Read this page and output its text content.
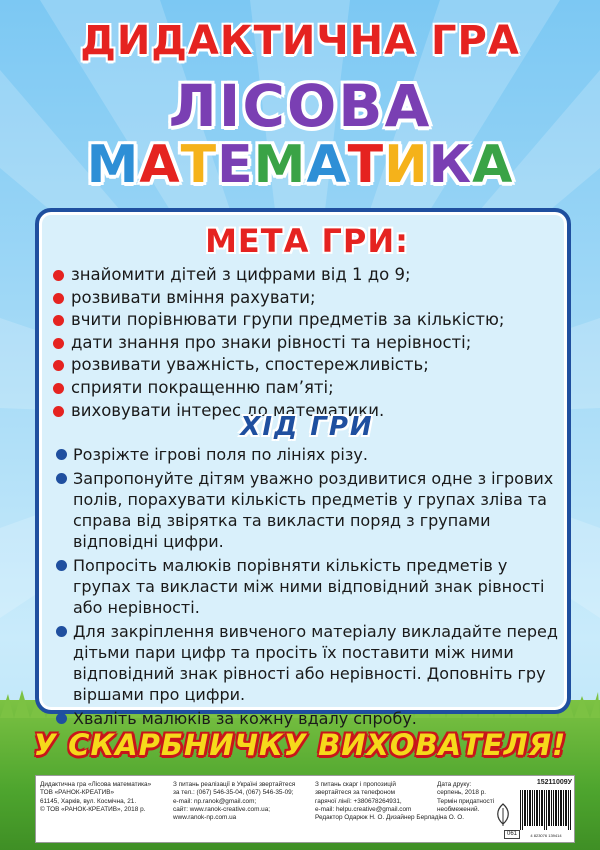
ДИДАКТИЧНА ГРА
ЛІСОВА
МАТЕМАТИКА
МЕТА ГРИ:
знайомити дітей з цифрами від 1 до 9;
розвивати вміння рахувати;
вчити порівнювати групи предметів за кількістю;
дати знання про знаки рівності та нерівності;
розвивати уважність, спостережливість;
сприяти покращенню пам’яті;
виховувати інтерес до математики.
ХІД ГРИ
Розріжте ігрові поля по лініях різу.
Запропонуйте дітям уважно роздивитися одне з ігрових полів, порахувати кількість предметів у групах зліва та справа від звірятка та викласти поряд з групами відповідні цифри.
Попросіть малюків порівняти кількість предметів у групах та викласти між ними відповідний знак рівності або нерівності.
Для закріплення вивченого матеріалу викладайте перед дітьми пари цифр та просіть їх поставити між ними відповідний знак рівності або нерівності. Доповніть гру віршами про цифри.
Хваліть малюків за кожну вдалу спробу.
У СКАРБНИЧКУ ВИХОВАТЕЛЯ!
Дидактична гра «Лісова математика»
ТОВ «РАНОК-КРЕАТИВ»
61145, Харків, вул. Космічна, 21.
© ТОВ «РАНОК-КРЕАТИВ», 2018 р.
З питань реалізації в Україні звертайтеся
за тел.: (067) 546-35-04, (067) 546-35-09;
e-mail: np.ranok@gmail.com;
сайт: www.ranok-creative.com.ua;
www.ranok-np.com.ua
З питань скарг і пропозицій
звертайтеся за телефоном
гарячої лінії: +380678264931,
e-mail: helpu.creative@gmail.com
Редактор Одарюк Н. О. Дизайнер Берладіна О. О.
Дата друку:
серпень, 2018 р.
Термін придатності
необмежений.
061
15211009У
4 823076 139414
